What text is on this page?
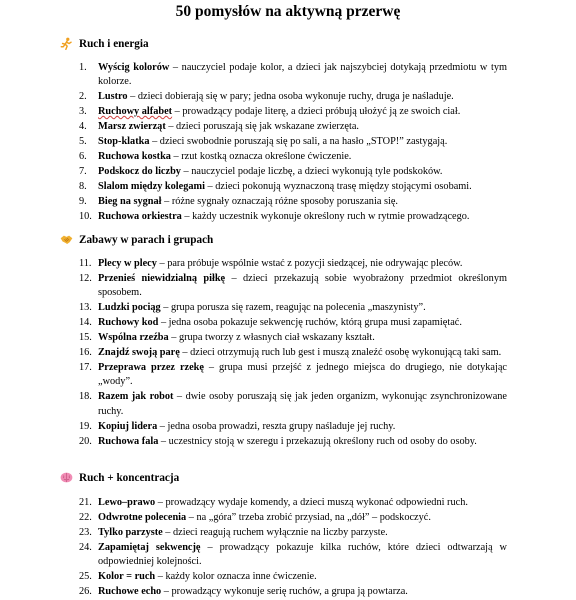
50 pomysłów na aktywną przerwę
Ruch i energia
1. Wyścig kolorów – nauczyciel podaje kolor, a dzieci jak najszybciej dotykają przedmiotu w tym kolorze.
2. Lustro – dzieci dobierają się w pary; jedna osoba wykonuje ruchy, druga je naśladuje.
3. Ruchowy alfabet – prowadzący podaje literę, a dzieci próbują ułożyć ją ze swoich ciał.
4. Marsz zwierząt – dzieci poruszają się jak wskazane zwierzęta.
5. Stop-klatka – dzieci swobodnie poruszają się po sali, a na hasło „STOP!” zastygają.
6. Ruchowa kostka – rzut kostką oznacza określone ćwiczenie.
7. Podskocz do liczby – nauczyciel podaje liczbę, a dzieci wykonują tyle podskoków.
8. Slalom między kolegami – dzieci pokonują wyznaczoną trasę między stojącymi osobami.
9. Bieg na sygnał – różne sygnały oznaczają różne sposoby poruszania się.
10. Ruchowa orkiestra – każdy uczestnik wykonuje określony ruch w rytmie prowadzącego.
Zabawy w parach i grupach
11. Plecy w plecy – para próbuje wspólnie wstać z pozycji siedzącej, nie odrywając pleców.
12. Przenieś niewidzialną piłkę – dzieci przekazują sobie wyobrażony przedmiot określonym sposobem.
13. Ludzki pociąg – grupa porusza się razem, reagując na polecenia „maszynisty”.
14. Ruchowy kod – jedna osoba pokazuje sekwencję ruchów, którą grupa musi zapamiętać.
15. Wspólna rzeźba – grupa tworzy z własnych ciał wskazany kształt.
16. Znajdź swoją parę – dzieci otrzymują ruch lub gest i muszą znaleźć osobę wykonującą taki sam.
17. Przeprawa przez rzekę – grupa musi przejść z jednego miejsca do drugiego, nie dotykając „wody”.
18. Razem jak robot – dwie osoby poruszają się jak jeden organizm, wykonując zsynchronizowane ruchy.
19. Kopiuj lidera – jedna osoba prowadzi, reszta grupy naśladuje jej ruchy.
20. Ruchowa fala – uczestnicy stoją w szeregu i przekazują określony ruch od osoby do osoby.
Ruch + koncentracja
21. Lewo–prawo – prowadzący wydaje komendy, a dzieci muszą wykonać odpowiedni ruch.
22. Odwrotne polecenia – na „góra” trzeba zrobić przysiad, na „dół” – podskoczyć.
23. Tylko parzyste – dzieci reagują ruchem wyłącznie na liczby parzyste.
24. Zapamiętaj sekwencję – prowadzący pokazuje kilka ruchów, które dzieci odtwarzają w odpowiedniej kolejności.
25. Kolor = ruch – każdy kolor oznacza inne ćwiczenie.
26. Ruchowe echo – prowadzący wykonuje serię ruchów, a grupa ją powtarza.
